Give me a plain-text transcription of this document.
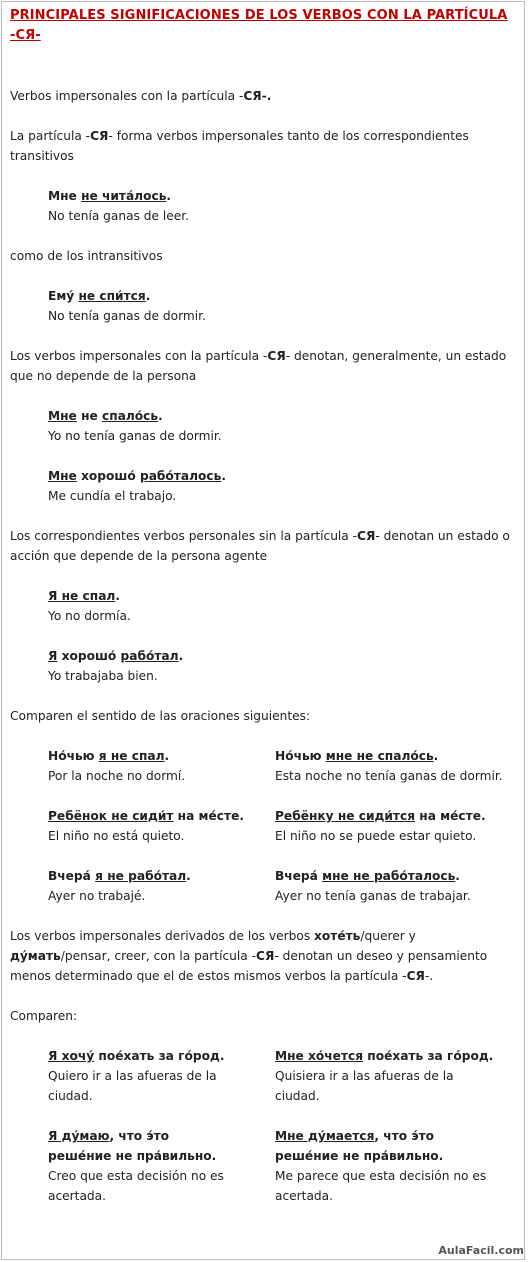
PRINCIPALES SIGNIFICACIONES DE LOS VERBOS CON LA PARTÍCULA -СЯ-
Verbos impersonales con la partícula -СЯ-.
La partícula -СЯ- forma verbos impersonales tanto de los correspondientes transitivos
Мне не чита́лось.
No tenía ganas de leer.
como de los intransitivos
Ему́ не спи́тся.
No tenía ganas de dormir.
Los verbos impersonales con la partícula -СЯ- denotan, generalmente, un estado que no depende de la persona
Мне не спало́сь.
Yo no tenía ganas de dormir.
Мне хорошо́ рабо́талось.
Me cundía el trabajo.
Los correspondientes verbos personales sin la partícula -СЯ- denotan un estado o acción que depende de la persona agente
Я не спал.
Yo no dormía.
Я хорошо́ рабо́тал.
Yo trabajaba bien.
Comparen el sentido de las oraciones siguientes:
Но́чью я не спал.
Por la noche no dormí.
Но́чью мне не спало́сь.
Esta noche no tenía ganas de dormir.
Ребёнок не сиди́т на ме́сте.
El niño no está quieto.
Ребёнку не сиди́тся на ме́сте.
El niño no se puede estar quieto.
Вчера́ я не рабо́тал.
Ayer no trabajé.
Вчера́ мне не рабо́талось.
Ayer no tenía ganas de trabajar.
Los verbos impersonales derivados de los verbos хоте́ть/querer y ду́мать/pensar, creer, con la partícula -СЯ- denotan un deseo y pensamiento menos determinado que el de estos mismos verbos la partícula -СЯ-.
Comparen:
Я хочу́ пое́хать за го́род.
Quiero ir a las afueras de la ciudad.
Мне хо́чется пое́хать за го́род.
Quisiera ir a las afueras de la ciudad.
Я ду́маю, что э́то
реше́ние не пра́вильно.
Creo que esta decisión no es acertada.
Мне ду́мается, что э́то
реше́ние не пра́вильно.
Me parece que esta decisión no es acertada.
AulaFacil.com
